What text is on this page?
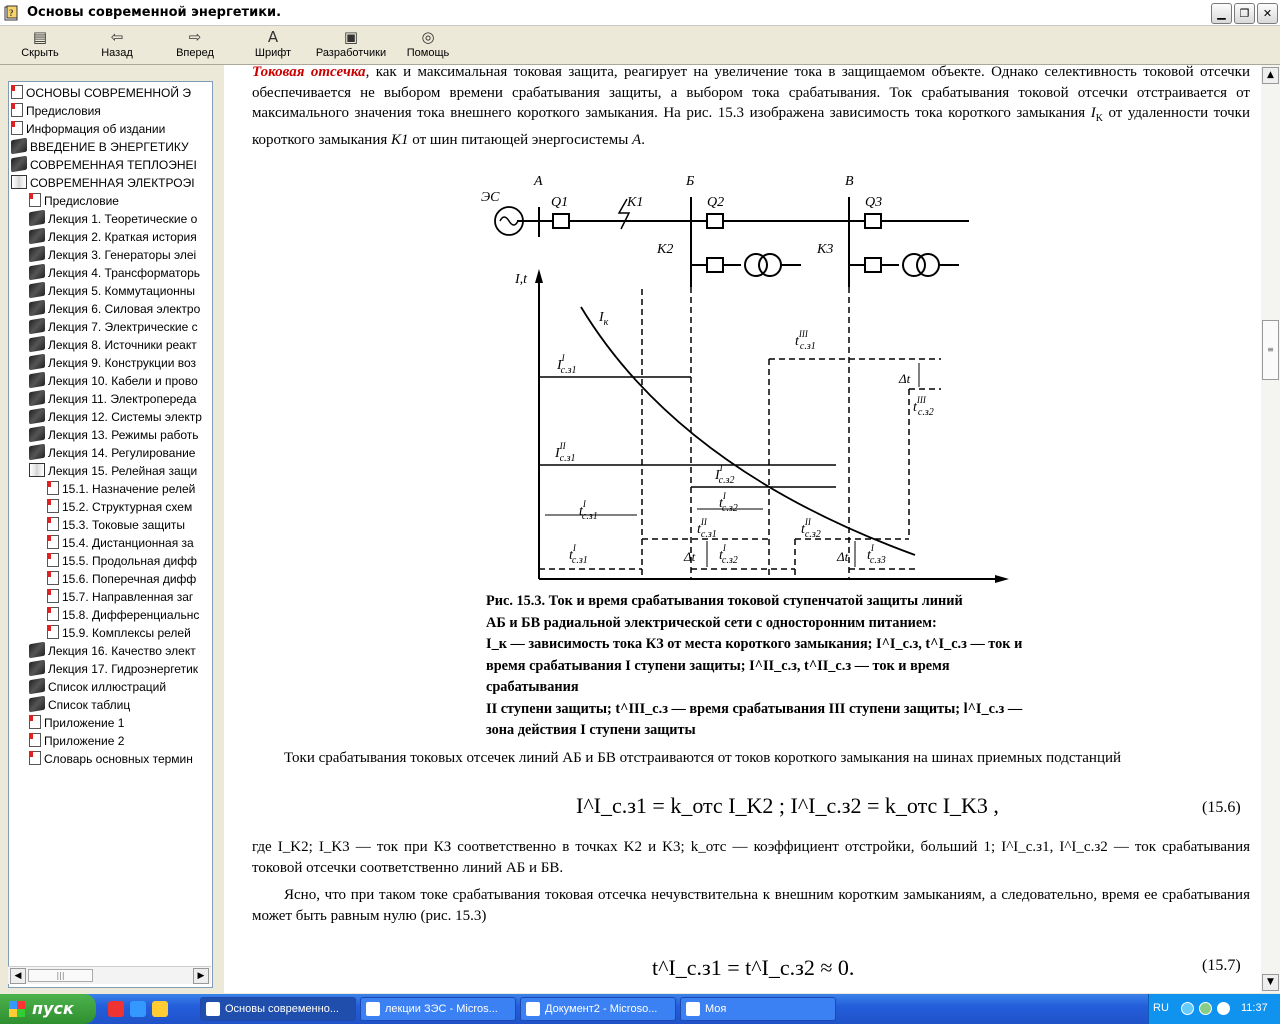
? Основы современной энергетики.	▁	❐	✕
▤
Скрыть
⇦
Назад
⇨
Вперед
A
Шрифт
▣
Разработчики
◎
Помощь
ОСНОВЫ СОВРЕМЕННОЙ Э
Предисловия
Информация об издании
ВВЕДЕНИЕ В ЭНЕРГЕТИКУ
СОВРЕМЕННАЯ ТЕПЛОЭНЕІ
СОВРЕМЕННАЯ ЭЛЕКТРОЭІ
Предисловие
Лекция 1. Теоретические о
Лекция 2. Краткая история
Лекция 3. Генераторы элеі
Лекция 4. Трансформаторь
Лекция 5. Коммутационны
Лекция 6. Силовая электро
Лекция 7. Электрические с
Лекция 8. Источники реакт
Лекция 9. Конструкции воз
Лекция 10. Кабели и прово
Лекция 11. Электропереда
Лекция 12. Системы электр
Лекция 13. Режимы работь
Лекция 14. Регулирование
Лекция 15. Релейная защи
15.1. Назначение релей
15.2. Структурная схем
15.3. Токовые защиты
15.4. Дистанционная за
15.5. Продольная дифф
15.6. Поперечная дифф
15.7. Направленная заг
15.8. Дифференциальнс
15.9. Комплексы релей
Лекция 16. Качество элект
Лекция 17. Гидроэнергетик
Список иллюстраций
Список таблиц
Приложение 1
Приложение 2
Словарь основных термин
◀	|||	▶
Токовая отсечка, как и максимальная токовая защита, реагирует на увеличение тока в защищаемом объекте. Однако селективность токовой отсечки обеспечивается не выбором времени срабатывания защиты, а выбором тока срабатывания. Ток срабатывания токовой отсечки отстраивается от максимального значения тока внешнего короткого замыкания. На рис. 15.3 изображена зависимость тока короткого замыкания $I_K$ от удаленности точки короткого замыкания K1 от шин питающей энергосистемы А.
ЭС
A	Б	В
Q1	Q2	Q3
K1
K2	K3
I,t
$I_к$
Δt
Δt	Δt
$I^I$ с.з1
$I^{II}$ с.з1
$I^I$ с.з2
$t^I$ с.з1
$t^I$ с.з2
$t^{II}$ с.з1	$t^{II}$ с.з2
$t^I$ с.з1	$t^I$ с.з2	$t^I$ с.з3
$t^{III}$ с.з1
$t^{III}$ с.з2
Рис. 15.3. Ток и время срабатывания токовой ступенчатой защиты линий
АБ и БВ радиальной электрической сети с односторонним питанием:
I_к — зависимость тока КЗ от места короткого замыкания; I^I_с.з, t^I_с.з — ток и
время срабатывания I ступени защиты; I^II_с.з, t^II_с.з — ток и время срабатывания
II ступени защиты; t^III_с.з — время срабатывания III ступени защиты; l^I_с.з —
зона действия I ступени защиты
Токи срабатывания токовых отсечек линий АБ и БВ отстраиваются от токов короткого замыкания на шинах приемных подстанций
I^I_с.з1 = k_отс I_K2 ; I^I_с.з2 = k_отс I_K3 ,	(15.6)
где I_K2; I_K3 — ток при КЗ соответственно в точках K2 и K3; k_отс — коэффициент отстройки, больший 1; I^I_с.з1, I^I_с.з2 — ток срабатывания токовой отсечки соответственно линий АБ и БВ.
Ясно, что при таком токе срабатывания токовая отсечка нечувствительна к внешним коротким замыканиям, а следовательно, время ее срабатывания может быть равным нулю (рис. 15.3)
t^I_с.з1 = t^I_с.з2 ≈ 0.	(15.7)
▲
≡
▼
пуск	Основы современно...	лекции ЗЭС - Micros...	Документ2 - Microso...	Моя	RU	11:37
